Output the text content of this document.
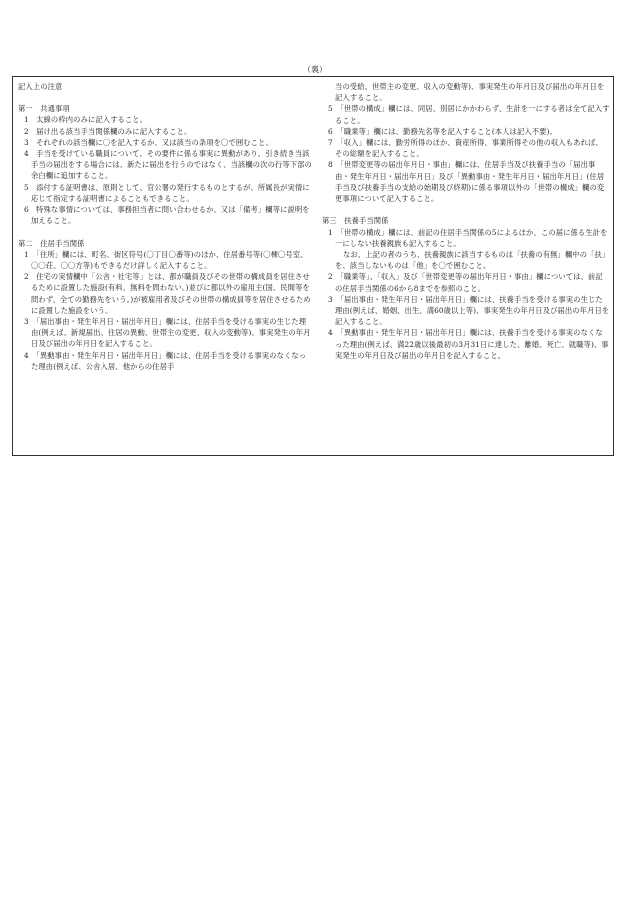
（裏）

記入上の注意

第一　共通事項

1　太線の枠内のみに記入すること。

2　届け出る該当手当関係欄のみに記入すること。

3　それぞれの該当欄に〇を記入するか、又は該当の条項を〇で囲むこと。

4　手当を受けている職員について、その要件に係る事実に異動があり、引き続き当該手当の届出をする場合には、新たに届出を行うのではなく、当該欄の次の行等下部の余白欄に追加すること。

5　添付する証明書は、原則として、官公署の発行するものとするが、所属長が実情に応じて指定する証明書によることもできること。

6　特殊な事情については、事務担当者に問い合わせるか、又は「備考」欄等に説明を加えること。

第二　住居手当関係

1　「住所」欄には、町名、街区符号(〇丁目〇番等)のほか、住居番号等(〇棟〇号室、〇〇荘、〇〇方等)もできるだけ詳しく記入すること。

2　住宅の実情欄中「公舎・社宅等」とは、都が職員及びその世帯の構成員を居住させるために設置した施設(有料、無料を問わない。)並びに都以外の雇用主(国、民間等を問わず、全ての勤務先をいう。)が被雇用者及びその世帯の構成員等を居住させるために設置した施設をいう。

3　「届出事由・発生年月日・届出年月日」欄には、住居手当を受ける事実の生じた理由(例えば、新規届出、住居の異動、世帯主の変更、収入の変動等)、事実発生の年月日及び届出の年月日を記入すること。

4　「異動事由・発生年月日・届出年月日」欄には、住居手当を受ける事実のなくなった理由(例えば、公舎入居、他からの住居手

当の受給、世帯主の変更、収入の変動等)、事実発生の年月日及び届出の年月日を記入すること。

5　「世帯の構成」欄には、同居、別居にかかわらず、生計を一にする者は全て記入すること。

6　「職業等」欄には、勤務先名等を記入すること(本人は記入不要)。

7　「収入」欄には、勤労所得のほか、資産所得、事業所得その他の収入もあれば、その総額を記入すること。

8　「世帯変更等の届出年月日・事由」欄には、住居手当及び扶養手当の「届出事由・発生年月日・届出年月日」及び「異動事由・発生年月日・届出年月日」(住居手当及び扶養手当の支給の始期及び終期)に係る事項以外の「世帯の構成」欄の変更事項について記入すること。

第三　扶養手当関係

1　「世帯の構成」欄には、前記の住居手当関係の5によるほか、この届に係る生計を一にしない扶養親族も記入すること。

なお、上記の者のうち、扶養親族に該当するものは「扶養の有無」欄中の「扶」を、該当しないものは「他」を〇で囲むこと。

2　「職業等」、「収入」及び「世帯変更等の届出年月日・事由」欄については、前記の住居手当関係の6から8までを参照のこと。

3　「届出事由・発生年月日・届出年月日」欄には、扶養手当を受ける事実の生じた理由(例えば、婚姻、出生、満60歳以上等)、事実発生の年月日及び届出の年月日を記入すること。

4　「異動事由・発生年月日・届出年月日」欄には、扶養手当を受ける事実のなくなった理由(例えば、満22歳以後最初の3月31日に達した、離婚、死亡、就職等)、事実発生の年月日及び届出の年月日を記入すること。
